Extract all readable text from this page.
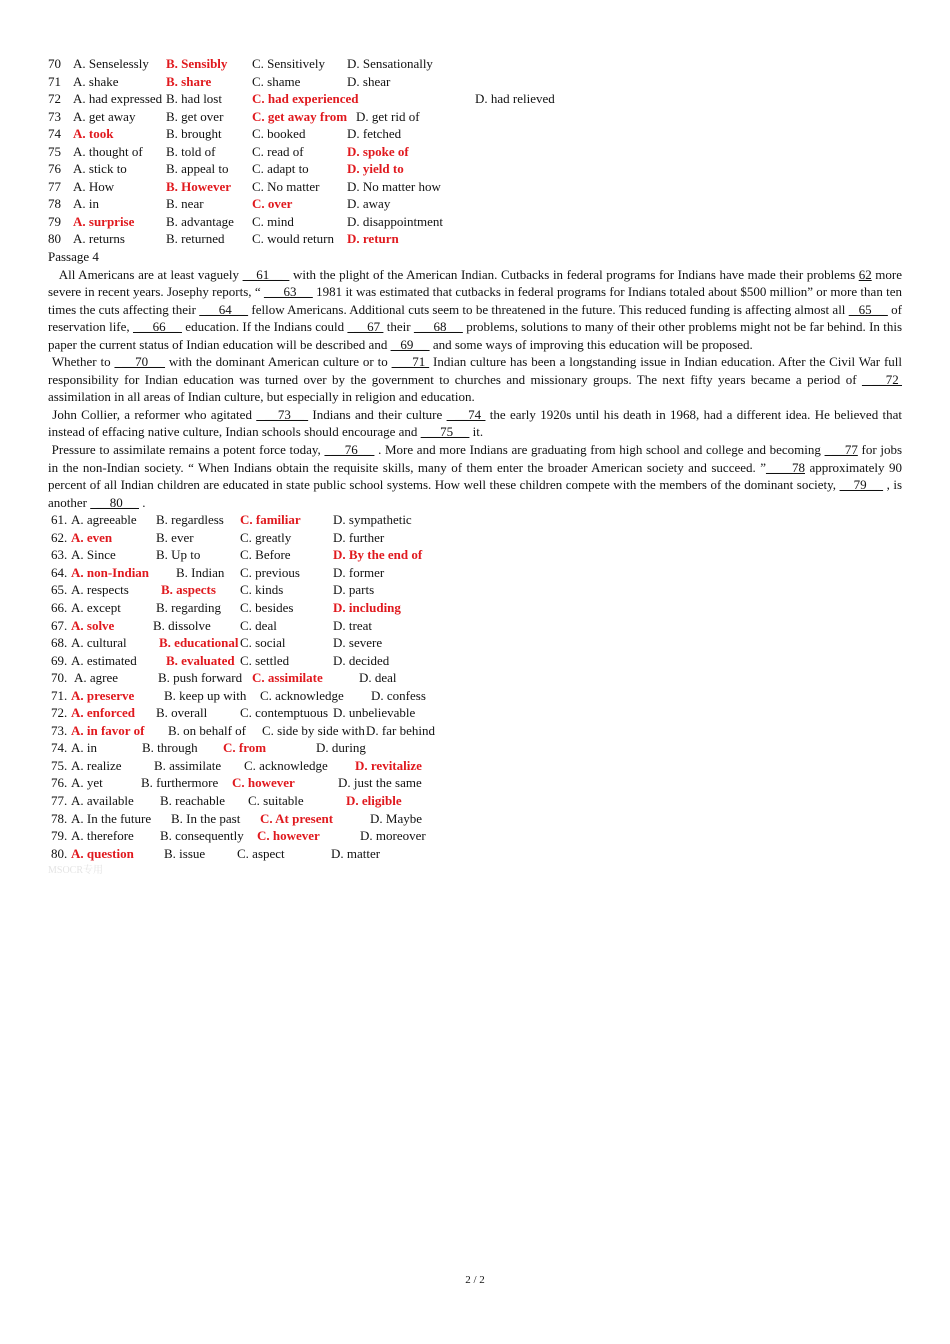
70 A. Senselessly B. Sensibly C. Sensitively D. Sensationally
71 A. shake	B. share	C. shame	D. shear
72 A. had expressed B. had lost C. had experienced	D. had relieved
73 A. get away B. get over C. get away from D. get rid of
74 A. took	B. brought C. booked	D. fetched
75 A. thought of B. told of	C. read of	D. spoke of
76 A. stick to	B. appeal to C. adapt to	D. yield to
77 A. How	B. However C. No matter D. No matter how
78 A. in	B. near	C. over	D. away
79 A. surprise B. advantage C. mind	D. disappointment
80 A. returns	B. returned C. would return D. return
Passage 4
All Americans are at least vaguely   _61__   with the plight of the American Indian. Cutbacks in federal programs for Indians have made their problems 62 more severe in recent years. Josephy reports, “   __63__  1981 it was estimated that cutbacks in federal programs for Indians totaled about $500 million” or more than ten times the cuts affecting their   __64__  fellow Americans. Additional cuts seem to be threatened in the future. This reduced funding is affecting almost all    65__  of reservation life,   __66__  education. If the Indians could   __67  their   __68__  problems, solutions to many of their other problems might not be far behind. In this paper the current status of Indian education will be described and    69__  and some ways of improving this education will be proposed.
Whether to   __70__  with the dominant American culture or to   __71  Indian culture has been a longstanding issue in Indian education. After the Civil War full responsibility for Indian education was turned over by the government to churches and missionary groups. The next fifty years became a period of   __72  assimilation in all areas of Indian culture, but especially in religion and education.
John Collier, a reformer who agitated   __73__  Indians and their culture   __74  the early 1920s until his death in 1968, had a different idea. He believed that instead of effacing native culture, Indian schools should encourage and   __75__  it.
Pressure to assimilate remains a potent force today,   __76__  . More and more Indians are graduating from high school and college and becoming   __77 for jobs in the non-Indian society. “ When Indians obtain the requisite skills, many of them enter the broader American society and succeed. ”____78 approximately 90 percent of all Indian children are educated in state public school systems. How well these children compete with the members of the dominant society,     79__  , is another   __80__  .
61. A. agreeable B. regardless C. familiar D. sympathetic
62. A. even	B. ever	C. greatly	D. further
63. A. Since	B. Up to	C. Before	D. By the end of
64. A. non-Indian B. Indian C. previous	D. former
65. A. respects B. aspects C. kinds	D. parts
66. A. except	B. regarding C. besides	D. including
67. A. solve	B. dissolve C. deal	D. treat
68. A. cultural B. educational C. social	D. severe
69. A. estimated B. evaluated C. settled	D. decided
70. A. agree	B. push forward C. assimilate	D. deal
71. A. preserve B. keep up with C. acknowledge D. confess
72. A. enforced B. overall	C. contemptuous D. unbelievable
73. A. in favor of B. on behalf of C. side by side with D. far behind
74. A. in	B. through C. from	D. during
75. A. realize B. assimilate C. acknowledge D. revitalize
76. A. yet	B. furthermore C. however	D. just the same
77. A. available B. reachable C. suitable	D. eligible
78. A. In the future B. In the past C. At present	D. Maybe
79. A. therefore B. consequently C. however	D. moreover
80. A. question B. issue C. aspect	D. matter
MSOCR专用
2 / 2
